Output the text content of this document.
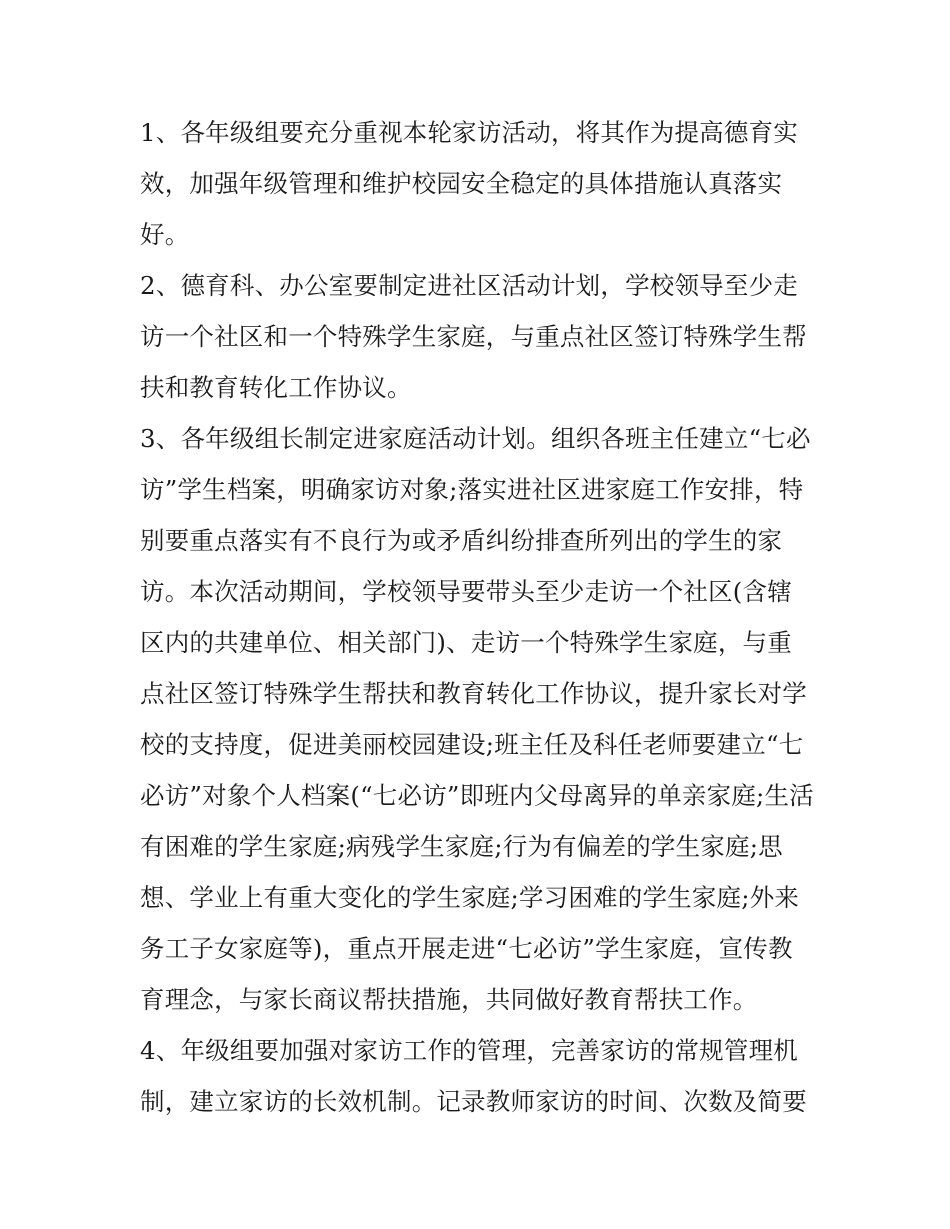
1、各年级组要充分重视本轮家访活动，将其作为提高德育实
效，加强年级管理和维护校园安全稳定的具体措施认真落实
好。
2、德育科、办公室要制定进社区活动计划，学校领导至少走
访一个社区和一个特殊学生家庭，与重点社区签订特殊学生帮
扶和教育转化工作协议。
3、各年级组长制定进家庭活动计划。组织各班主任建立“七必
访”学生档案，明确家访对象;落实进社区进家庭工作安排，特
别要重点落实有不良行为或矛盾纠纷排查所列出的学生的家
访。本次活动期间，学校领导要带头至少走访一个社区(含辖
区内的共建单位、相关部门)、走访一个特殊学生家庭，与重
点社区签订特殊学生帮扶和教育转化工作协议，提升家长对学
校的支持度，促进美丽校园建设;班主任及科任老师要建立“七
必访”对象个人档案(“七必访”即班内父母离异的单亲家庭;生活
有困难的学生家庭;病残学生家庭;行为有偏差的学生家庭;思
想、学业上有重大变化的学生家庭;学习困难的学生家庭;外来
务工子女家庭等)，重点开展走进“七必访”学生家庭，宣传教
育理念，与家长商议帮扶措施，共同做好教育帮扶工作。
4、年级组要加强对家访工作的管理，完善家访的常规管理机
制，建立家访的长效机制。记录教师家访的时间、次数及简要
